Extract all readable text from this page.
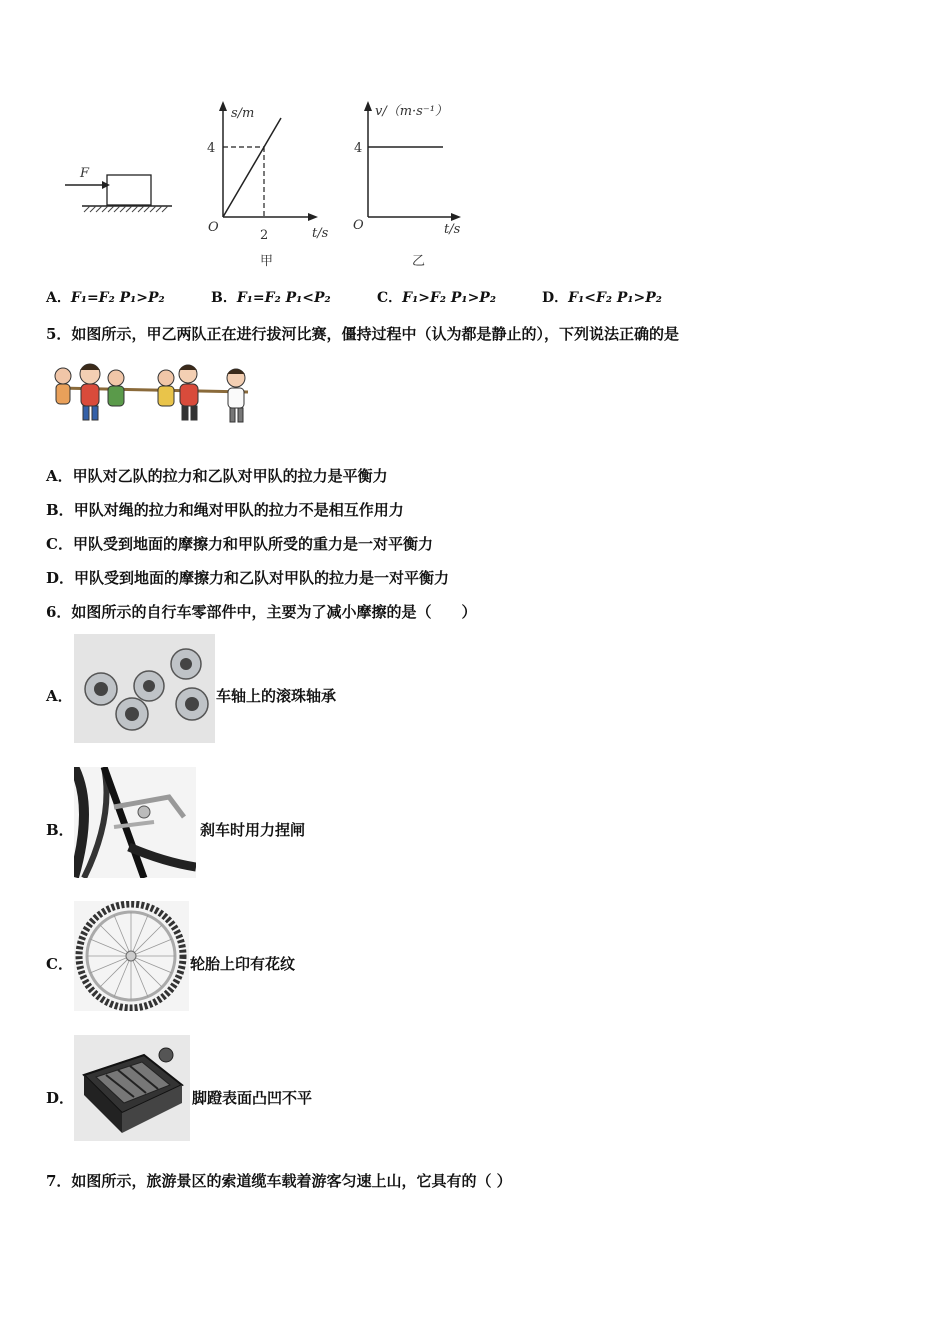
F
s/m
4
O
2	t/s
甲
v/（m·s⁻¹）
4
O	t/s
乙
A．F₁=F₂ P₁>P₂	B．F₁=F₂ P₁<P₂	C．F₁>F₂ P₁>P₂	D．F₁<F₂ P₁>P₂
5．如图所示，甲乙两队正在进行拔河比赛，僵持过程中（认为都是静止的），下列说法正确的是
A．甲队对乙队的拉力和乙队对甲队的拉力是平衡力
B．甲队对绳的拉力和绳对甲队的拉力不是相互作用力
C．甲队受到地面的摩擦力和甲队所受的重力是一对平衡力
D．甲队受到地面的摩擦力和乙队对甲队的拉力是一对平衡力
6．如图所示的自行车零部件中，主要为了减小摩擦的是（　　）
A．	车轴上的滚珠轴承
B．	刹车时用力捏闸
C．	轮胎上印有花纹
D．	脚蹬表面凸凹不平
7．如图所示，旅游景区的索道缆车载着游客匀速上山，它具有的（ ）
